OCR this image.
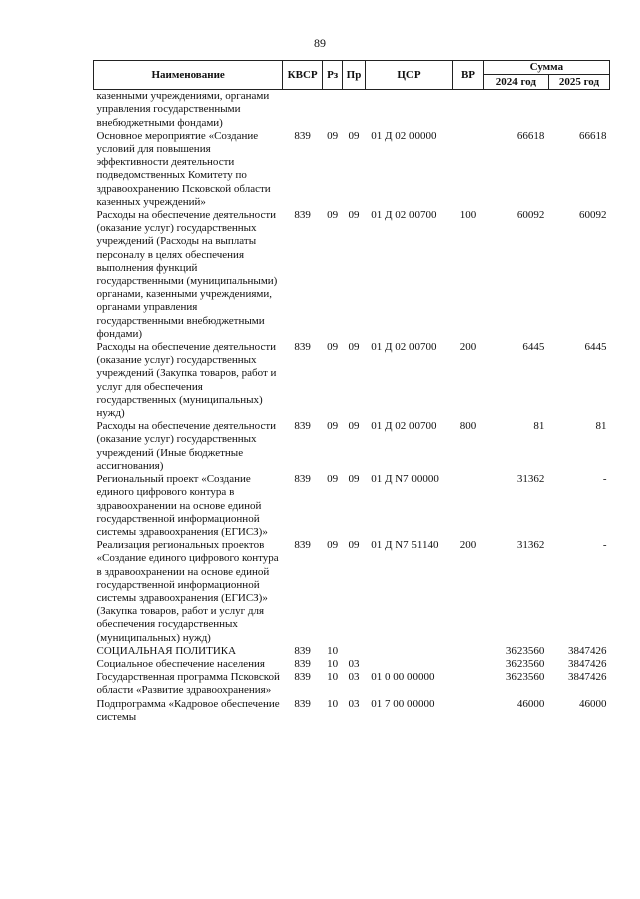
89
Наименование	КВСР	Рз	Пр	ЦСР	ВР	Сумма	
						2024 год	2025 год
казенными учреждениями, органами управления государственными внебюджетными фондами)							
Основное мероприятие «Создание условий для повышения эффективности деятельности подведомственных Комитету по здравоохранению Псковской области казенных учреждений»	839	09	09	01 Д 02 00000		66618	66618
Расходы на обеспечение деятельности (оказание услуг) государственных учреждений (Расходы на выплаты персоналу в целях обеспечения выполнения функций государственными (муниципальными) органами, казенными учреждениями, органами управления государственными внебюджетными фондами)	839	09	09	01 Д 02 00700	100	60092	60092
Расходы на обеспечение деятельности (оказание услуг) государственных учреждений (Закупка товаров, работ и услуг для обеспечения государственных (муниципальных) нужд)	839	09	09	01 Д 02 00700	200	6445	6445
Расходы на обеспечение деятельности (оказание услуг) государственных учреждений (Иные бюджетные ассигнования)	839	09	09	01 Д 02 00700	800	81	81
Региональный проект «Создание единого цифрового контура в здравоохранении на основе единой государственной информационной системы здравоохранения (ЕГИСЗ)»	839	09	09	01 Д N7 00000		31362	-
Реализация региональных проектов «Создание единого цифрового контура в здравоохранении на основе единой государственной информационной системы здравоохранения (ЕГИСЗ)» (Закупка товаров, работ и услуг для обеспечения государственных (муниципальных) нужд)	839	09	09	01 Д N7 51140	200	31362	-
СОЦИАЛЬНАЯ ПОЛИТИКА	839	10				3623560	3847426
Социальное обеспечение населения	839	10	03			3623560	3847426
Государственная программа Псковской области «Развитие здравоохранения»	839	10	03	01 0 00 00000		3623560	3847426
Подпрограмма «Кадровое обеспечение системы	839	10	03	01 7 00 00000		46000	46000
